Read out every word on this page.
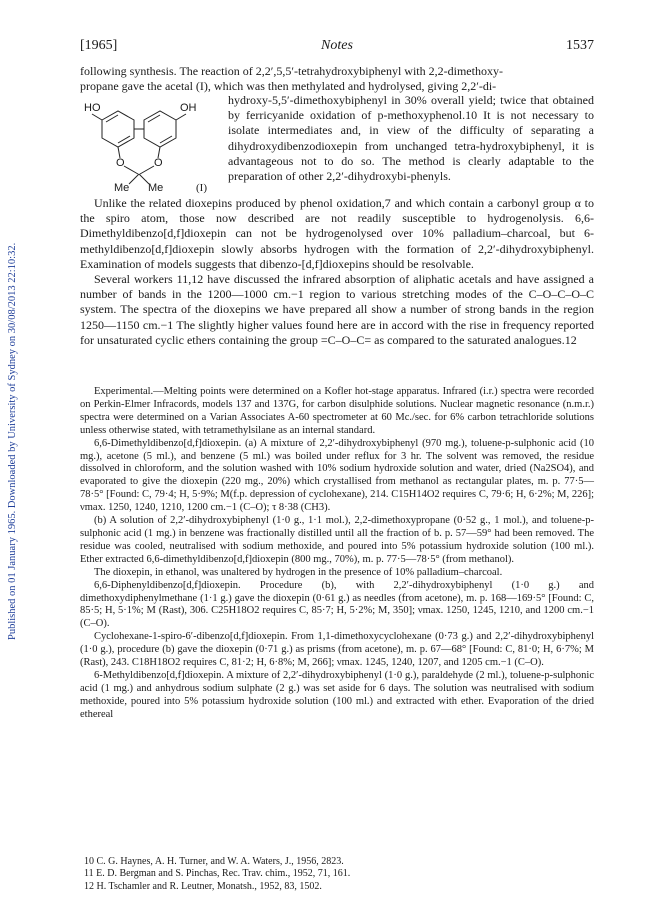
Published on 01 January 1965. Downloaded by University of Sydney on 30/08/2013 22:10:32.
[1965]	Notes	1537

following synthesis. The reaction of 2,2′,5,5′-tetrahydroxybiphenyl with 2,2-dimethoxy-

propane gave the acetal (I), which was then methylated and hydrolysed, giving 2,2′-di-

HO	OH
O	O
Me Me	(I)

hydroxy-5,5′-dimethoxybiphenyl in 30% overall yield; twice that obtained by ferricyanide oxidation of p-methoxyphenol.10 It is not necessary to isolate intermediates and, in view of the difficulty of separating a dihydroxydibenzodioxepin from unchanged tetra-hydroxybiphenyl, it is advantageous not to do so. The method is clearly adaptable to the preparation of other 2,2′-dihydroxybi-phenyls.

Unlike the related dioxepins produced by phenol oxidation,7 and which contain a carbonyl group α to the spiro atom, those now described are not readily susceptible to hydrogenolysis. 6,6-Dimethyldibenzo[d,f]dioxepin can not be hydrogenolysed over 10% palladium–charcoal, but 6-methyldibenzo[d,f]dioxepin slowly absorbs hydrogen with the formation of 2,2′-dihydroxybiphenyl. Examination of models suggests that dibenzo-[d,f]dioxepins should be resolvable.

Several workers 11,12 have discussed the infrared absorption of aliphatic acetals and have assigned a number of bands in the 1200—1000 cm.−1 region to various stretching modes of the C–O–C–O–C system. The spectra of the dioxepins we have prepared all show a number of strong bands in the region 1250—1150 cm.−1 The slightly higher values found here are in accord with the rise in frequency reported for unsaturated cyclic ethers containing the group =C–O–C= as compared to the saturated analogues.12

Experimental.—Melting points were determined on a Kofler hot-stage apparatus. Infrared (i.r.) spectra were recorded on Perkin-Elmer Infracords, models 137 and 137G, for carbon disulphide solutions. Nuclear magnetic resonance (n.m.r.) spectra were determined on a Varian Associates A-60 spectrometer at 60 Mc./sec. for 6% carbon tetrachloride solutions unless otherwise stated, with tetramethylsilane as an internal standard.

6,6-Dimethyldibenzo[d,f]dioxepin. (a) A mixture of 2,2′-dihydroxybiphenyl (970 mg.), toluene-p-sulphonic acid (10 mg.), acetone (5 ml.), and benzene (5 ml.) was boiled under reflux for 3 hr. The solvent was removed, the residue dissolved in chloroform, and the solution washed with 10% sodium hydroxide solution and water, dried (Na2SO4), and evaporated to give the dioxepin (220 mg., 20%) which crystallised from methanol as rectangular plates, m. p. 77·5—78·5° [Found: C, 79·4; H, 5·9%; M(f.p. depression of cyclohexane), 214. C15H14O2 requires C, 79·6; H, 6·2%; M, 226]; νmax. 1250, 1240, 1210, 1200 cm.−1 (C–O); τ 8·38 (CH3).

(b) A solution of 2,2′-dihydroxybiphenyl (1·0 g., 1·1 mol.), 2,2-dimethoxypropane (0·52 g., 1 mol.), and toluene-p-sulphonic acid (1 mg.) in benzene was fractionally distilled until all the fraction of b. p. 57—59° had been removed. The residue was cooled, neutralised with sodium methoxide, and poured into 5% potassium hydroxide solution (100 ml.). Ether extracted 6,6-dimethyldibenzo[d,f]dioxepin (800 mg., 70%), m. p. 77·5—78·5° (from methanol).

The dioxepin, in ethanol, was unaltered by hydrogen in the presence of 10% palladium–charcoal.

6,6-Diphenyldibenzo[d,f]dioxepin. Procedure (b), with 2,2′-dihydroxybiphenyl (1·0 g.) and dimethoxydiphenylmethane (1·1 g.) gave the dioxepin (0·61 g.) as needles (from acetone), m. p. 168—169·5° [Found: C, 85·5; H, 5·1%; M (Rast), 306. C25H18O2 requires C, 85·7; H, 5·2%; M, 350]; νmax. 1250, 1245, 1210, and 1200 cm.−1 (C–O).

Cyclohexane-1-spiro-6′-dibenzo[d,f]dioxepin. From 1,1-dimethoxycyclohexane (0·73 g.) and 2,2′-dihydroxybiphenyl (1·0 g.), procedure (b) gave the dioxepin (0·71 g.) as prisms (from acetone), m. p. 67—68° [Found: C, 81·0; H, 6·7%; M (Rast), 243. C18H18O2 requires C, 81·2; H, 6·8%; M, 266]; νmax. 1245, 1240, 1207, and 1205 cm.−1 (C–O).

6-Methyldibenzo[d,f]dioxepin. A mixture of 2,2′-dihydroxybiphenyl (1·0 g.), paraldehyde (2 ml.), toluene-p-sulphonic acid (1 mg.) and anhydrous sodium sulphate (2 g.) was set aside for 6 days. The solution was neutralised with sodium methoxide, poured into 5% potassium hydroxide solution (100 ml.) and extracted with ether. Evaporation of the dried ethereal

10 C. G. Haynes, A. H. Turner, and W. A. Waters, J., 1956, 2823.

11 E. D. Bergman and S. Pinchas, Rec. Trav. chim., 1952, 71, 161.

12 H. Tschamler and R. Leutner, Monatsh., 1952, 83, 1502.
